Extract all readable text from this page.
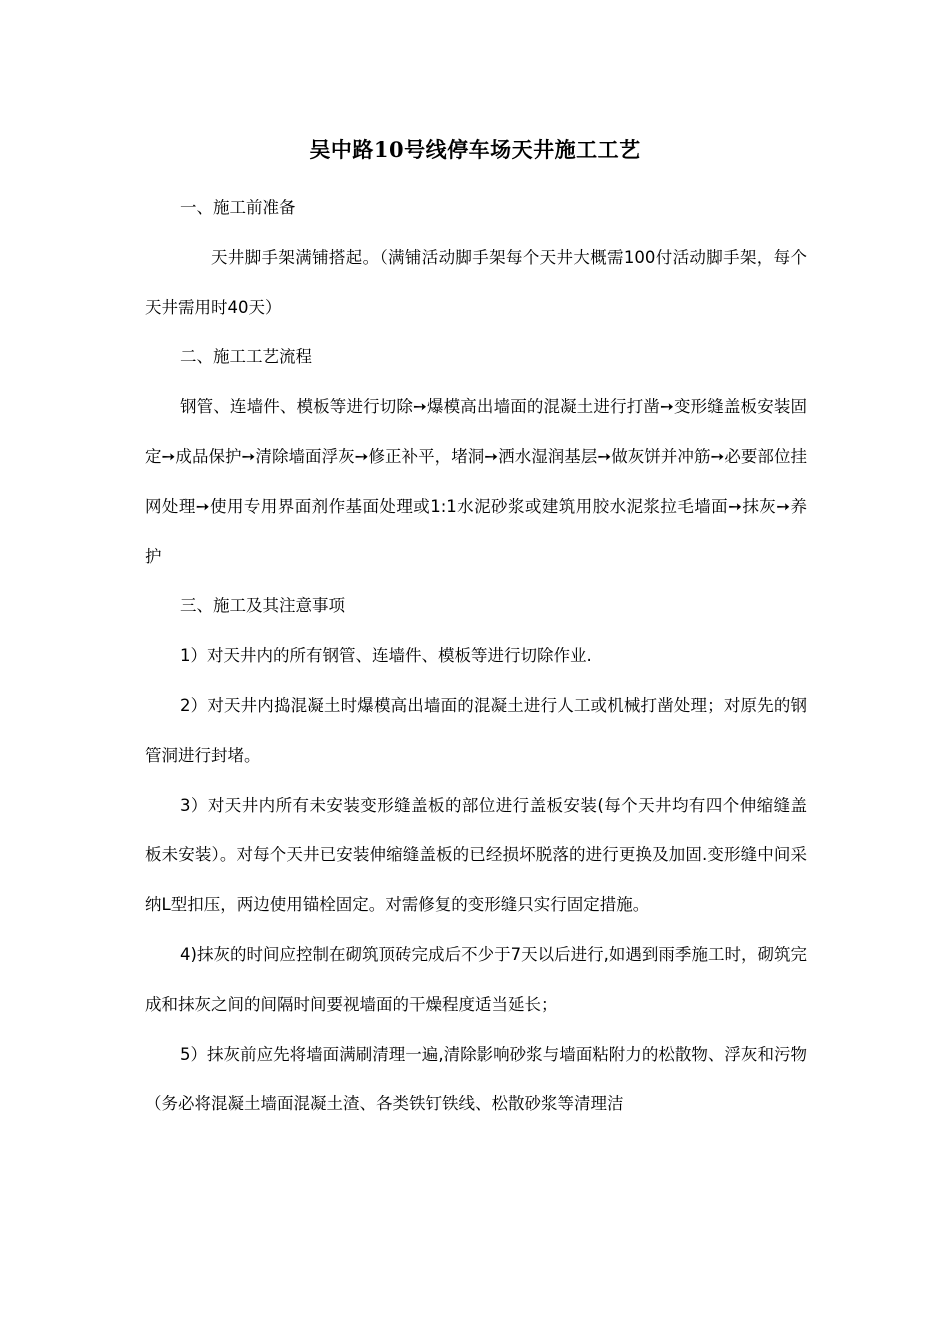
吴中路10号线停车场天井施工工艺

一、施工前准备

天井脚手架满铺搭起。（满铺活动脚手架每个天井大概需100付活动脚手架，每个天井需用时40天）

二、施工工艺流程

钢管、连墙件、模板等进行切除➙爆模高出墙面的混凝土进行打凿➙变形缝盖板安装固定➙成品保护➙清除墙面浮灰➙修正补平，堵洞➙洒水湿润基层➙做灰饼并冲筋➙必要部位挂网处理➙使用专用界面剂作基面处理或1:1水泥砂浆或建筑用胶水泥浆拉毛墙面➙抹灰➙养护

三、施工及其注意事项

1）对天井内的所有钢管、连墙件、模板等进行切除作业.

2）对天井内捣混凝土时爆模高出墙面的混凝土进行人工或机械打凿处理；对原先的钢管洞进行封堵。

3）对天井内所有未安装变形缝盖板的部位进行盖板安装(每个天井均有四个伸缩缝盖板未安装）。对每个天井已安装伸缩缝盖板的已经损坏脱落的进行更换及加固.变形缝中间采纳L型扣压，两边使用锚栓固定。对需修复的变形缝只实行固定措施。

4)抹灰的时间应控制在砌筑顶砖完成后不少于7天以后进行,如遇到雨季施工时，砌筑完成和抹灰之间的间隔时间要视墙面的干燥程度适当延长；

5）抹灰前应先将墙面满刷清理一遍,清除影响砂浆与墙面粘附力的松散物、浮灰和污物（务必将混凝土墙面混凝土渣、各类铁钉铁线、松散砂浆等清理洁
